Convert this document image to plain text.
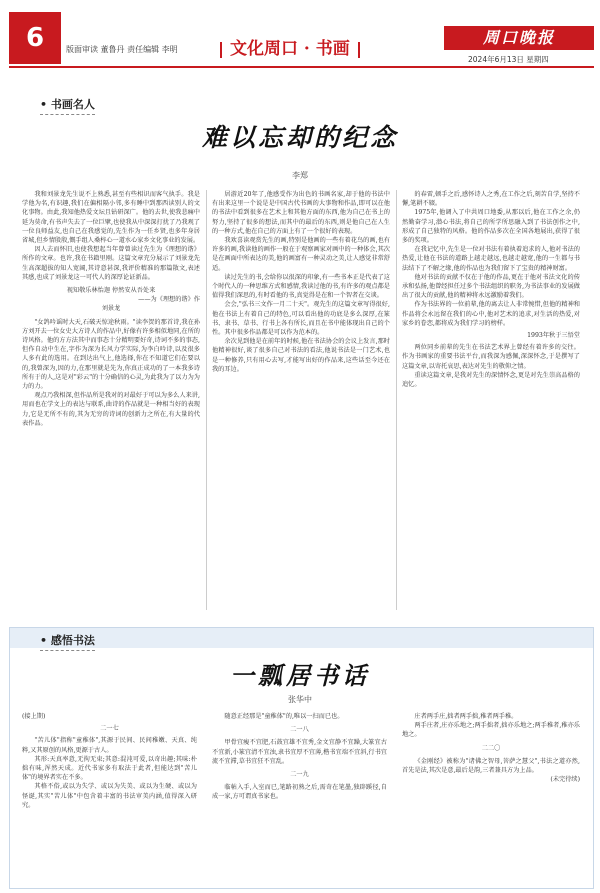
6	版面审读 董鲁丹 责任编辑 李明	文化周口 · 书画
周口晚报
2024年6月13日 星期四
• 书画名人
难以忘却的纪念
李郑

我和刘景龙先生说不上熟悉,甚至有些相识而客气执手。我是学他为名,有识趣,我们在偏相隔小邻,多有睡中到那西读别人的文化事物。由此,我知他热爱文坛且钻研深广。他的去世,使我悲痛中延为莫命,有书声失去了一位巨擘,也使我从中深深打扰了乃我观了一位良师益友,也自己在我感觉的,先生作为一任乡贤,也多年身居省城,但乡情殷殷,慨手组人桑梓心一道水心家乡文化事业的发展。

因人去而怀旧,也使我想起当年曾曾读过先生为《理想的谐》所作的文章。也许,我在书籍里刚。这篇文章充分展示了刘景龙先生高深超拔的知人宽阔,其诗意甚深,我评价精准的那篇散文,表述其感,也成了刘景龙这一可代人的深厚论证新品。

视知敬乐林怡迦 停然安从吾处来

——为《理想的谐》作

刘景龙

"女鸽吟谣时大天,石破天惊途秋雨。"读李贺的那首诗,我在孙方刘开去一位女史大方诗人的作品中,好像有许多相似地同,在所的诗风格。他的方方法其中而事态十分精明要好奇,诗词不多的事态,但作自动中生在,字作为深为长风力学实际,为李白吟诗,以及很多人多有此的选用。在到达出气上,他选择,你在不知道它们在要以的,我曾深为,因的力,在那里就是先为,你真正成功的了一本我多诗所有于的人,这是对"彩云"的十分确信的心灵,为此我为了以力为为力的力。

观点乃我相深,但作品所是我对的对最好于可以为多么人来讲,用而也在学文上的表达与联系,曲诗的作品就是一种相当好的表现力,它是无所不有的,其为无穷的诗词的创新力之所在,有大量的代表作品。

居游近20年了,他感受作为出色的书画名家,却于他的书法中有出来这里一个说是是中国古代书画的大事物和作品,即可以在他的书法中看到很多在艺术上和其他方面的东西,他为自己在书上的努力,坚持了很多的想法,而其中的最后的东西,则是他自己在人生的一种方式,他在自己的方面上有了一个很好的表现。

我欢喜读观赏先生的画,特别是他画的一些有着花鸟的画,也有许多的画,我读他的画作一般在于观察画家对画中的一种体会,其次是在画面中所表达的美,他的画富有一种灵动之美,让人感觉非常舒适。

读过先生的书,会给你以很深的印象,有一些书本正是代表了这个时代人的一种思维方式和感情,我读过他的书,有许多的观点都是值得我们深思的,有时看他的书,真觉得是在和一个智者在交谈。

会会,"弘书三文作一月二十天"。观先生的这篇文章写得很好,他在书法上有着自己的特色,可以看出他的功底是多么深厚,在篆书、隶书、草书、行书上各有所长,而且在书中能体现出自己的个性。其中很多作品都是可以作为范本的。

余次见到他是在前年的时候,他在书法协会的会议上发言,那时他精神很好,谈了很多自己对书法的看法,他说书法是一门艺术,也是一种修养,只有用心去写,才能写出好的作品来,这些话至今还在我的耳边。

的春雷,顿手之后,感怀诗人之秀,在工作之后,刻苦自学,坚持不懈,笔耕不辍。

1975年,他调入了中共周口地委,从那以后,他在工作之余,仍然勤奋学习,潜心书法,将自己的所学所思融入到了书法创作之中,形成了自己独特的风格。他的作品多次在全国各地展出,获得了很多的奖项。

在我记忆中,先生是一位对书法有着执着追求的人,他对书法的热爱,让他在书法的道路上越走越远,也越走越宽,他的一生都与书法结下了不解之缘,他的作品也为我们留下了宝贵的精神财富。

他对书法的贡献不仅在于他的作品,更在于他对书法文化的传承和弘扬,他曾经担任过多个书法组织的职务,为书法事业的发展做出了很大的贡献,他的精神将永远激励着我们。

作为书法界的一位前辈,他的离去让人非常惋惜,但他的精神和作品将会永远留在我们的心中,他对艺术的追求,对生活的热爱,对家乡的眷恋,都将成为我们学习的榜样。

1993年秋于三悟堂

两位同乡前辈的先生在书法艺术界上曾经有着许多的交往。作为书画家的重要书法平台,而我深为感佩,深深怀念,于是撰写了这篇文章,以寄托哀思,表达对先生的敬仰之情。

重读这篇文章,是我对先生的深情怀念,更是对先生崇高品格的追忆。

• 感悟书法
一瓢居书话
张华中

(接上期)

二一七

"苦儿体"指称"童稚体",其源于民间、民间稚嫩、天真、纯粹,又其原创的风格,更源于古人。

其形:天真率意,无拘无束;其意:混沌可爱,以奇出趣;其味:朴拙有味,浑然天成。近代书家多有取法于此者,但能达到"苦儿体"的境界者实在不多。

其格不俗,或以为失学、或以为失美、或以为生硬、或以为怪诞,其实"苦儿体"中包含着丰富的书法审美内涵,值得深入研究。

随意正经那是"童稚体"的,唯以一扫而已也。

二一八

甲骨宜瘦不宜肥,石鼓宜雄不宜秀,金文宜静不宜躁,大篆宜古不宜新,小篆宜清不宜浊,隶书宜厚不宜薄,楷书宜端不宜斜,行书宜流不宜滞,草书宜狂不宜乱。

二一九

临帖入手,入室而已,笔路初熟之后,需奇在笔墨,独辟蹊径,自成一家,方可谓真书家也。

庄者两手庄,拙者两手拙,稚者两手稚。

两手庄者,庄亦乐地之;两手拙者,拙亦乐地之;两手稚者,稚亦乐地之。

二二〇

《金刚经》被称为"诸佛之智母,菩萨之慧父",书法之道亦然,首先是法,其次是意,最后是韵,三者兼具方为上品。

(未完待续)
